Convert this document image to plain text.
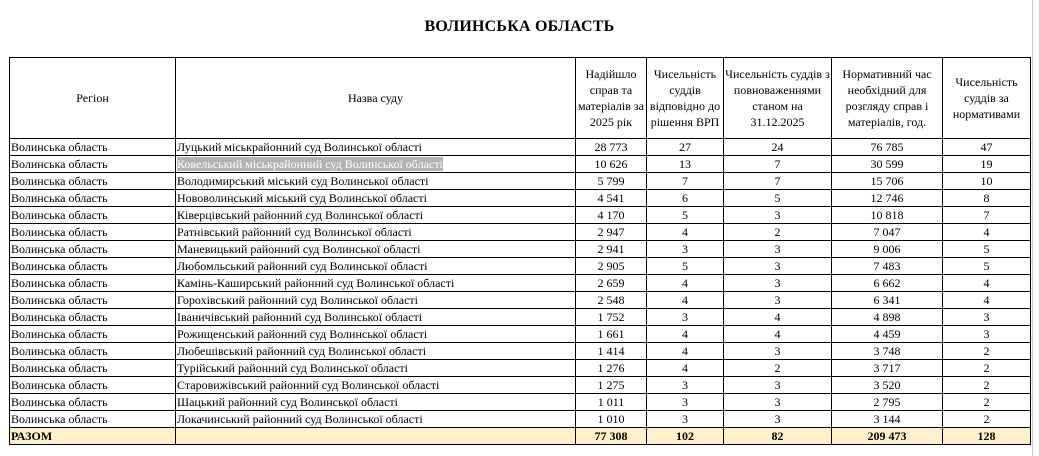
ВОЛИНСЬКА ОБЛАСТЬ
Регіон	Назва суду	Надійшло справ та матеріалів за 2025 рік	Чисельність суддів відповідно до рішення ВРП	Чисельність суддів з повноваженнями станом на 31.12.2025	Нормативний час необхідний для розгляду справ і матеріалів, год.	Чисельність суддів за нормативами
Волинська область	Луцький міськрайонний суд Волинської області	28 773	27	24	76 785	47
Волинська область	Ковельський міськрайонний суд Волинської області	10 626	13	7	30 599	19
Волинська область	Володимирський міський суд Волинської області	5 799	7	7	15 706	10
Волинська область	Нововолинський міський суд Волинської області	4 541	6	5	12 746	8
Волинська область	Ківерцівський районний суд Волинської області	4 170	5	3	10 818	7
Волинська область	Ратнівський районний суд Волинської області	2 947	4	2	7 047	4
Волинська область	Маневицький районний суд Волинської області	2 941	3	3	9 006	5
Волинська область	Любомльський районний суд Волинської області	2 905	5	3	7 483	5
Волинська область	Камінь-Каширський районний суд Волинської області	2 659	4	3	6 662	4
Волинська область	Горохівський районний суд Волинської області	2 548	4	3	6 341	4
Волинська область	Іваничівський районний суд Волинської області	1 752	3	4	4 898	3
Волинська область	Рожищенський районний суд Волинської області	1 661	4	4	4 459	3
Волинська область	Любешівський районний суд Волинської області	1 414	4	3	3 748	2
Волинська область	Турійський районний суд Волинської області	1 276	4	2	3 717	2
Волинська область	Старовижівський районний суд Волинської області	1 275	3	3	3 520	2
Волинська область	Шацький районний суд Волинської області	1 011	3	3	2 795	2
Волинська область	Локачинський районний суд Волинської області	1 010	3	3	3 144	2
РАЗОМ		77 308	102	82	209 473	128
